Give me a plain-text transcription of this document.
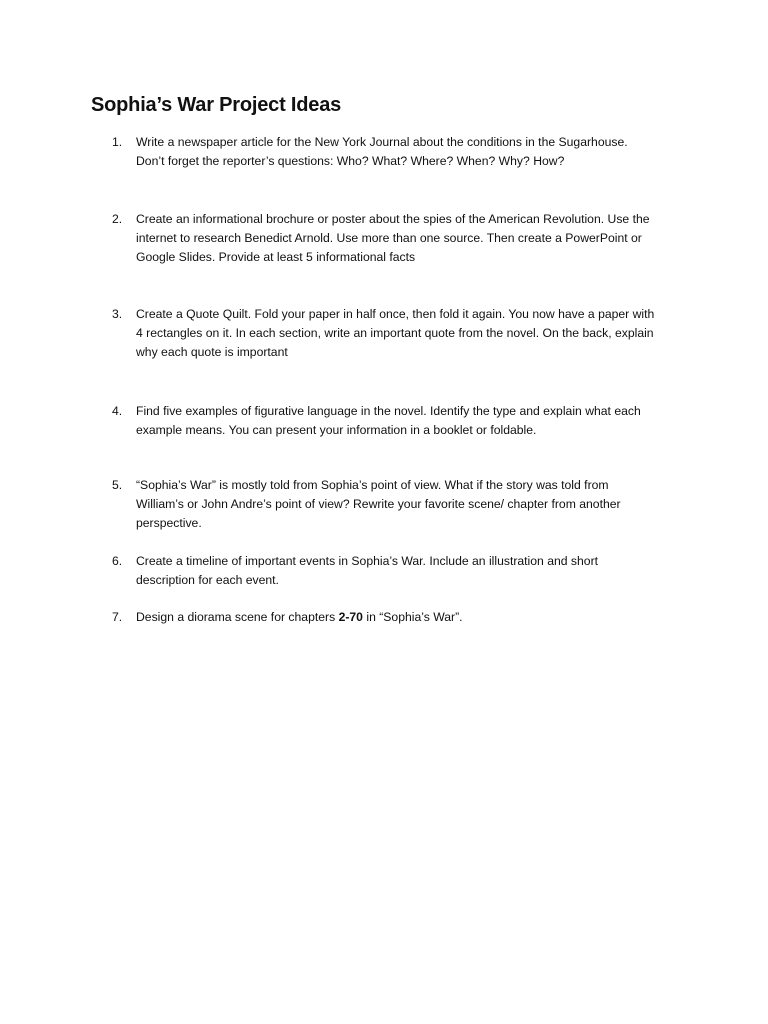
Sophia’s War Project Ideas
1. Write a newspaper article for the New York Journal about the conditions in the Sugarhouse.
Don’t forget the reporter’s questions: Who? What? Where? When? Why? How?
2. Create an informational brochure or poster about the spies of the American Revolution. Use the
internet to research Benedict Arnold. Use more than one source. Then create a PowerPoint or
Google Slides. Provide at least 5 informational facts
3. Create a Quote Quilt. Fold your paper in half once, then fold it again. You now have a paper with
4 rectangles on it. In each section, write an important quote from the novel. On the back, explain
why each quote is important
4. Find five examples of figurative language in the novel. Identify the type and explain what each
example means. You can present your information in a booklet or foldable.
5. “Sophia’s War” is mostly told from Sophia’s point of view. What if the story was told from
William’s or John Andre’s point of view? Rewrite your favorite scene/ chapter from another
perspective.
6. Create a timeline of important events in Sophia’s War. Include an illustration and short
description for each event.
7. Design a diorama scene for chapters 2-70 in “Sophia’s War”.
